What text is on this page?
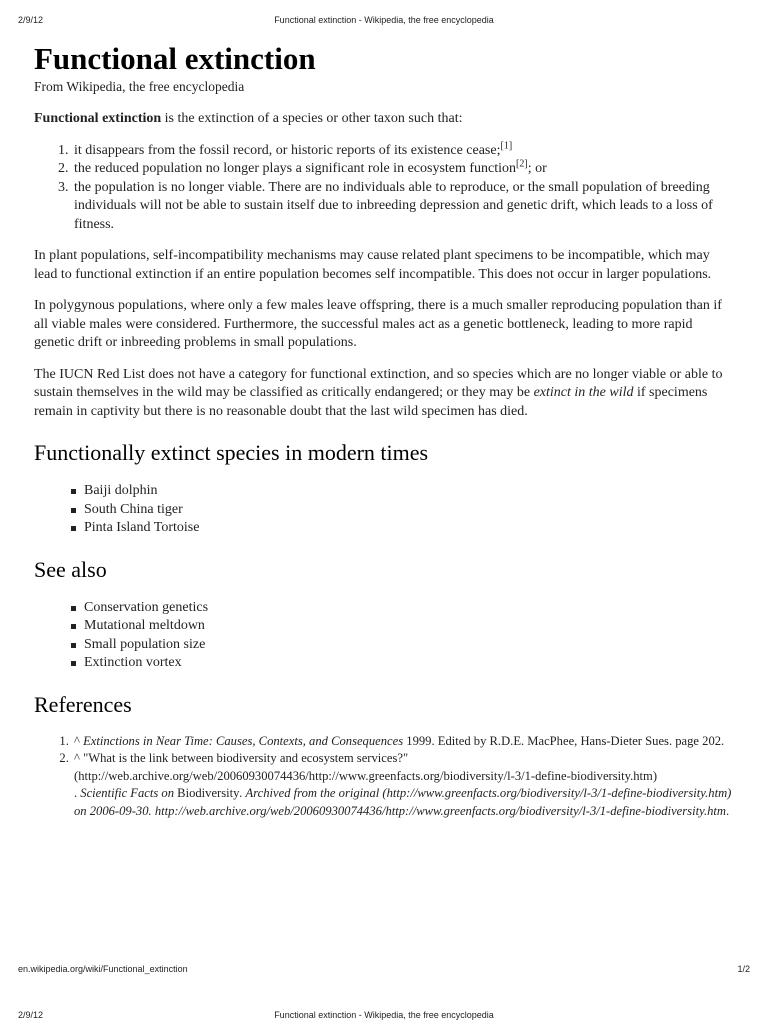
2/9/12	Functional extinction - Wikipedia, the free encyclopedia
Functional extinction
From Wikipedia, the free encyclopedia

Functional extinction is the extinction of a species or other taxon such that:

1. it disappears from the fossil record, or historic reports of its existence cease;[1]
2. the reduced population no longer plays a significant role in ecosystem function[2]; or
3. the population is no longer viable. There are no individuals able to reproduce, or the small population of breeding individuals will not be able to sustain itself due to inbreeding depression and genetic drift, which leads to a loss of fitness.

In plant populations, self-incompatibility mechanisms may cause related plant specimens to be incompatible, which may lead to functional extinction if an entire population becomes self incompatible. This does not occur in larger populations.

In polygynous populations, where only a few males leave offspring, there is a much smaller reproducing population than if all viable males were considered. Furthermore, the successful males act as a genetic bottleneck, leading to more rapid genetic drift or inbreeding problems in small populations.

The IUCN Red List does not have a category for functional extinction, and so species which are no longer viable or able to sustain themselves in the wild may be classified as critically endangered; or they may be extinct in the wild if specimens remain in captivity but there is no reasonable doubt that the last wild specimen has died.

Functionally extinct species in modern times
Baiji dolphin
South China tiger
Pinta Island Tortoise
See also
Conservation genetics
Mutational meltdown
Small population size
Extinction vortex
References
1. ^ Extinctions in Near Time: Causes, Contexts, and Consequences 1999. Edited by R.D.E. MacPhee, Hans-Dieter Sues. page 202.
2. ^ "What is the link between biodiversity and ecosystem services?"
(http://web.archive.org/web/20060930074436/http://www.greenfacts.org/biodiversity/l-3/1-define-biodiversity.htm)
. Scientific Facts on Biodiversity. Archived from the original (http://www.greenfacts.org/biodiversity/l-3/1-define-biodiversity.htm) on 2006-09-30. http://web.archive.org/web/20060930074436/http://www.greenfacts.org/biodiversity/l-3/1-define-biodiversity.htm.
en.wikipedia.org/wiki/Functional_extinction	1/2
2/9/12	Functional extinction - Wikipedia, the free encyclopedia
